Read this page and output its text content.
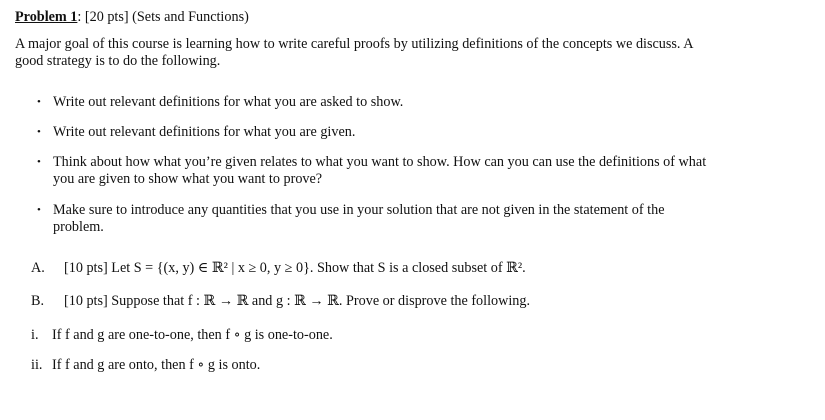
Problem 1: [20 pts] (Sets and Functions)
A major goal of this course is learning how to write careful proofs by utilizing definitions of the concepts we discuss. A
good strategy is to do the following.
• Write out relevant definitions for what you are asked to show.
• Write out relevant definitions for what you are given.
• Think about how what you’re given relates to what you want to show. How can you can use the definitions of what
you are given to show what you want to prove?
• Make sure to introduce any quantities that you use in your solution that are not given in the statement of the
problem.
A. [10 pts] Let S = {(x, y) ∈ ℝ² | x ≥ 0, y ≥ 0}. Show that S is a closed subset of ℝ².
B. [10 pts] Suppose that f : ℝ → ℝ and g : ℝ → ℝ. Prove or disprove the following.
i. If f and g are one-to-one, then f ∘ g is one-to-one.
ii. If f and g are onto, then f ∘ g is onto.
